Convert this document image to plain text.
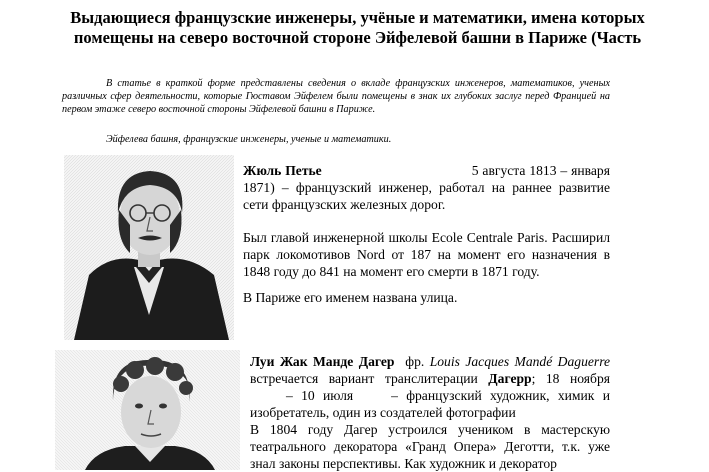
Выдающиеся французские инженеры, учёные и математики, имена которых помещены на северо восточной стороне Эйфелевой башни в Париже (Часть
В статье в краткой форме представлены сведения о вкладе французских инженеров, математиков, ученых различных сфер деятельности, которые Гюставом Эйфелем были помещены в знак их глубоких заслуг перед Францией на первом этаже северо восточной стороны Эйфелевой башни в Париже.
Эйфелева башня, французские инженеры, ученые и математики.
Жюль Петье	5 августа 1813 – января 1871) – французский инженер, работал на раннее развитие сети французских железных дорог.
Был главой инженерной школы Ecole Centrale Paris. Расширил парк локомотивов Nord от 187 на момент его назначения в 1848 году до 841 на момент его смерти в 1871 году.
В Париже его именем названа улица.
Луи Жак Манде Дагер фр. Louis Jacques Mandé Daguerre встречается вариант транслитерации Дагерр; 18 ноября – 10 июля	– французский художник, химик и изобретатель, один из создателей фотографии
В 1804 году Дагер устроился учеником в мастерскую театрального декоратора «Гранд Опера» Деготти, т.к. уже знал законы перспективы. Как художник и декоратор
